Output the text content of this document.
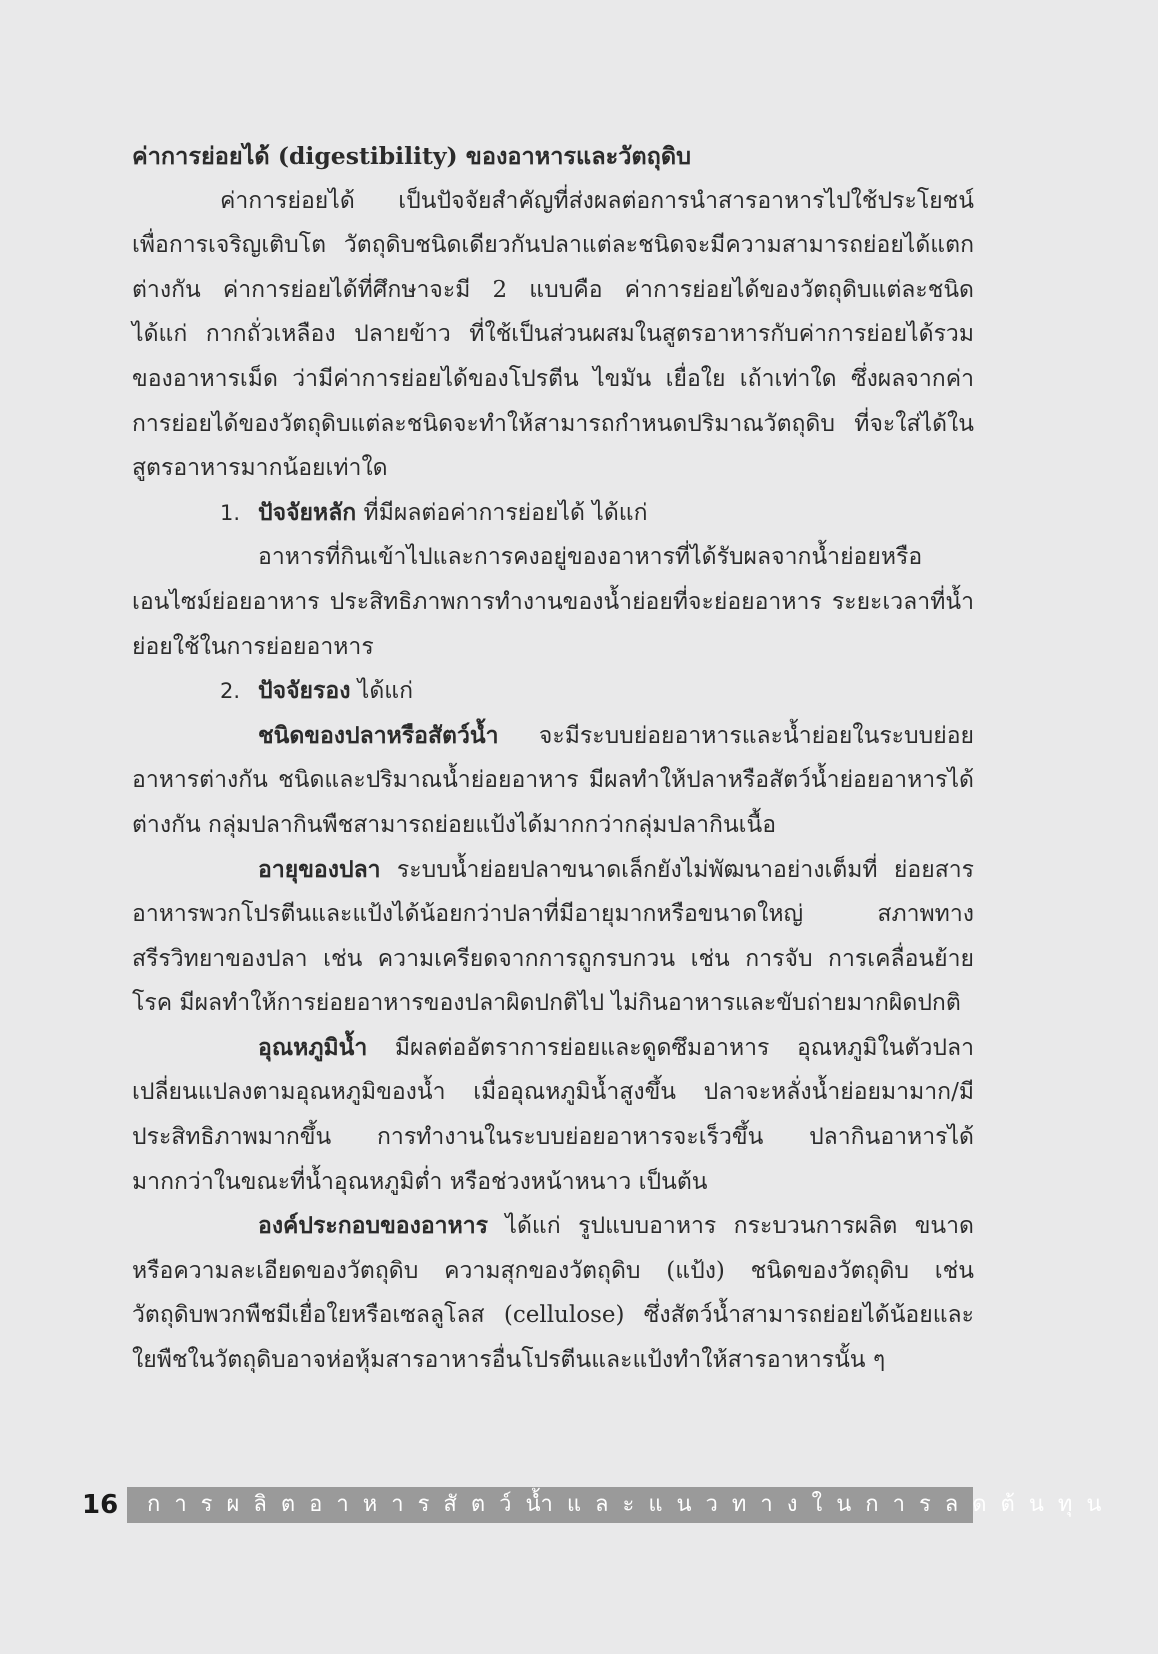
ค่าการย่อยได้ (digestibility) ของอาหารและวัตถุดิบ

ค่าการย่อยได้ เป็นปัจจัยสำคัญที่ส่งผลต่อการนำสารอาหารไปใช้ประโยชน์เพื่อการเจริญเติบโต วัตถุดิบชนิดเดียวกันปลาแต่ละชนิดจะมีความสามารถย่อยได้แตกต่างกัน ค่าการย่อยได้ที่ศึกษาจะมี 2 แบบคือ ค่าการย่อยได้ของวัตถุดิบแต่ละชนิด ได้แก่ กากถั่วเหลือง ปลายข้าว ที่ใช้เป็นส่วนผสมในสูตรอาหารกับค่าการย่อยได้รวมของอาหารเม็ด ว่ามีค่าการย่อยได้ของโปรตีน ไขมัน เยื่อใย เถ้าเท่าใด ซึ่งผลจากค่าการย่อยได้ของวัตถุดิบแต่ละชนิดจะทำให้สามารถกำหนดปริมาณวัตถุดิบ ที่จะใส่ได้ในสูตรอาหารมากน้อยเท่าใด

1. ปัจจัยหลัก ที่มีผลต่อค่าการย่อยได้ ได้แก่

อาหารที่กินเข้าไปและการคงอยู่ของอาหารที่ได้รับผลจากน้ำย่อยหรือเอนไซม์ย่อยอาหาร ประสิทธิภาพการทำงานของน้ำย่อยที่จะย่อยอาหาร ระยะเวลาที่น้ำย่อยใช้ในการย่อยอาหาร

2. ปัจจัยรอง ได้แก่

ชนิดของปลาหรือสัตว์น้ำ จะมีระบบย่อยอาหารและน้ำย่อยในระบบย่อยอาหารต่างกัน ชนิดและปริมาณน้ำย่อยอาหาร มีผลทำให้ปลาหรือสัตว์น้ำย่อยอาหารได้ต่างกัน กลุ่มปลากินพืชสามารถย่อยแป้งได้มากกว่ากลุ่มปลากินเนื้อ

อายุของปลา ระบบน้ำย่อยปลาขนาดเล็กยังไม่พัฒนาอย่างเต็มที่ ย่อยสารอาหารพวกโปรตีนและแป้งได้น้อยกว่าปลาที่มีอายุมากหรือขนาดใหญ่ สภาพทางสรีรวิทยาของปลา เช่น ความเครียดจากการถูกรบกวน เช่น การจับ การเคลื่อนย้าย โรค มีผลทำให้การย่อยอาหารของปลาผิดปกติไป ไม่กินอาหารและขับถ่ายมากผิดปกติ

อุณหภูมิน้ำ มีผลต่ออัตราการย่อยและดูดซึมอาหาร อุณหภูมิในตัวปลาเปลี่ยนแปลงตามอุณหภูมิของน้ำ เมื่ออุณหภูมิน้ำสูงขึ้น ปลาจะหลั่งน้ำย่อยมามาก/มีประสิทธิภาพมากขึ้น การทำงานในระบบย่อยอาหารจะเร็วขึ้น ปลากินอาหารได้มากกว่าในขณะที่น้ำอุณหภูมิต่ำ หรือช่วงหน้าหนาว เป็นต้น

องค์ประกอบของอาหาร ได้แก่ รูปแบบอาหาร กระบวนการผลิต ขนาดหรือความละเอียดของวัตถุดิบ ความสุกของวัตถุดิบ (แป้ง) ชนิดของวัตถุดิบ เช่น วัตถุดิบพวกพืชมีเยื่อใยหรือเซลลูโลส (cellulose) ซึ่งสัตว์น้ำสามารถย่อยได้น้อยและใยพืชในวัตถุดิบอาจห่อหุ้มสารอาหารอื่นโปรตีนและแป้งทำให้สารอาหารนั้น ๆ

16	การผลิตอาหารสัตว์น้ำและแนวทางในการลดต้นทุน
